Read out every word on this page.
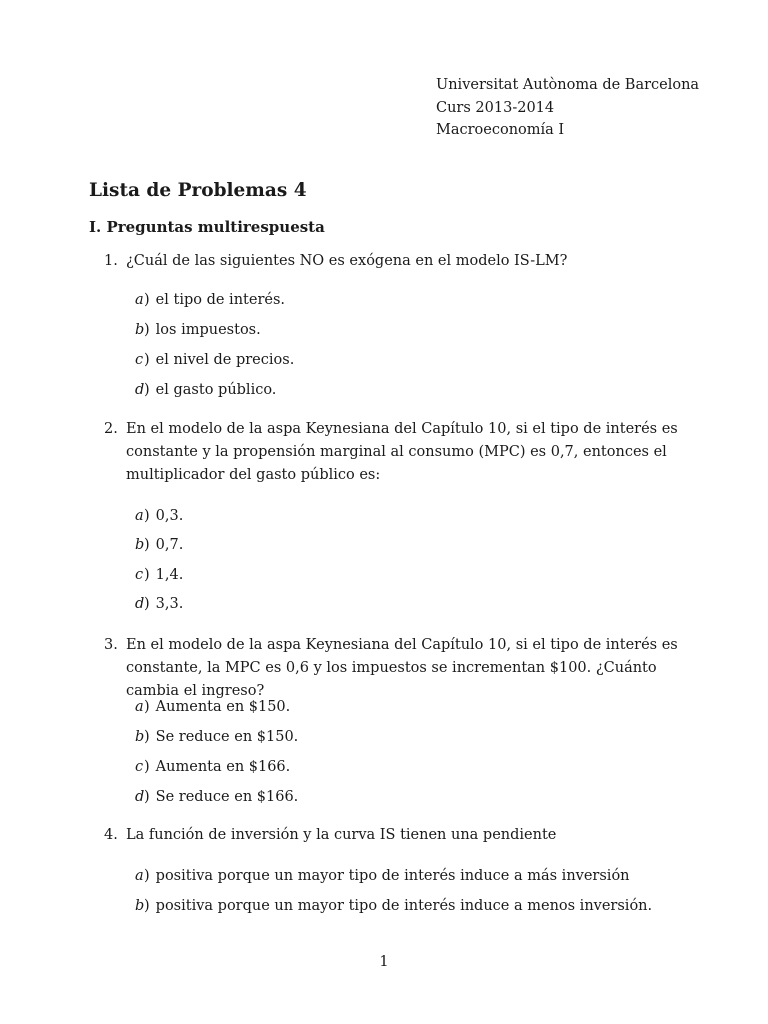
Universitat Autònoma de Barcelona
Curs 2013-2014
Macroeconomía I
Lista de Problemas 4
I. Preguntas multirespuesta
1. ¿Cuál de las siguientes NO es exógena en el modelo IS-LM?
a) el tipo de interés.
b) los impuestos.
c) el nivel de precios.
d) el gasto público.
2. En el modelo de la aspa Keynesiana del Capítulo 10, si el tipo de interés es constante y la propensión marginal al consumo (MPC) es 0,7, entonces el multiplicador del gasto público es:
a) 0,3.
b) 0,7.
c) 1,4.
d) 3,3.
3. En el modelo de la aspa Keynesiana del Capítulo 10, si el tipo de interés es constante, la MPC es 0,6 y los impuestos se incrementan $100. ¿Cuánto cambia el ingreso?
a) Aumenta en $150.
b) Se reduce en $150.
c) Aumenta en $166.
d) Se reduce en $166.
4. La función de inversión y la curva IS tienen una pendiente
a) positiva porque un mayor tipo de interés induce a más inversión
b) positiva porque un mayor tipo de interés induce a menos inversión.
1
